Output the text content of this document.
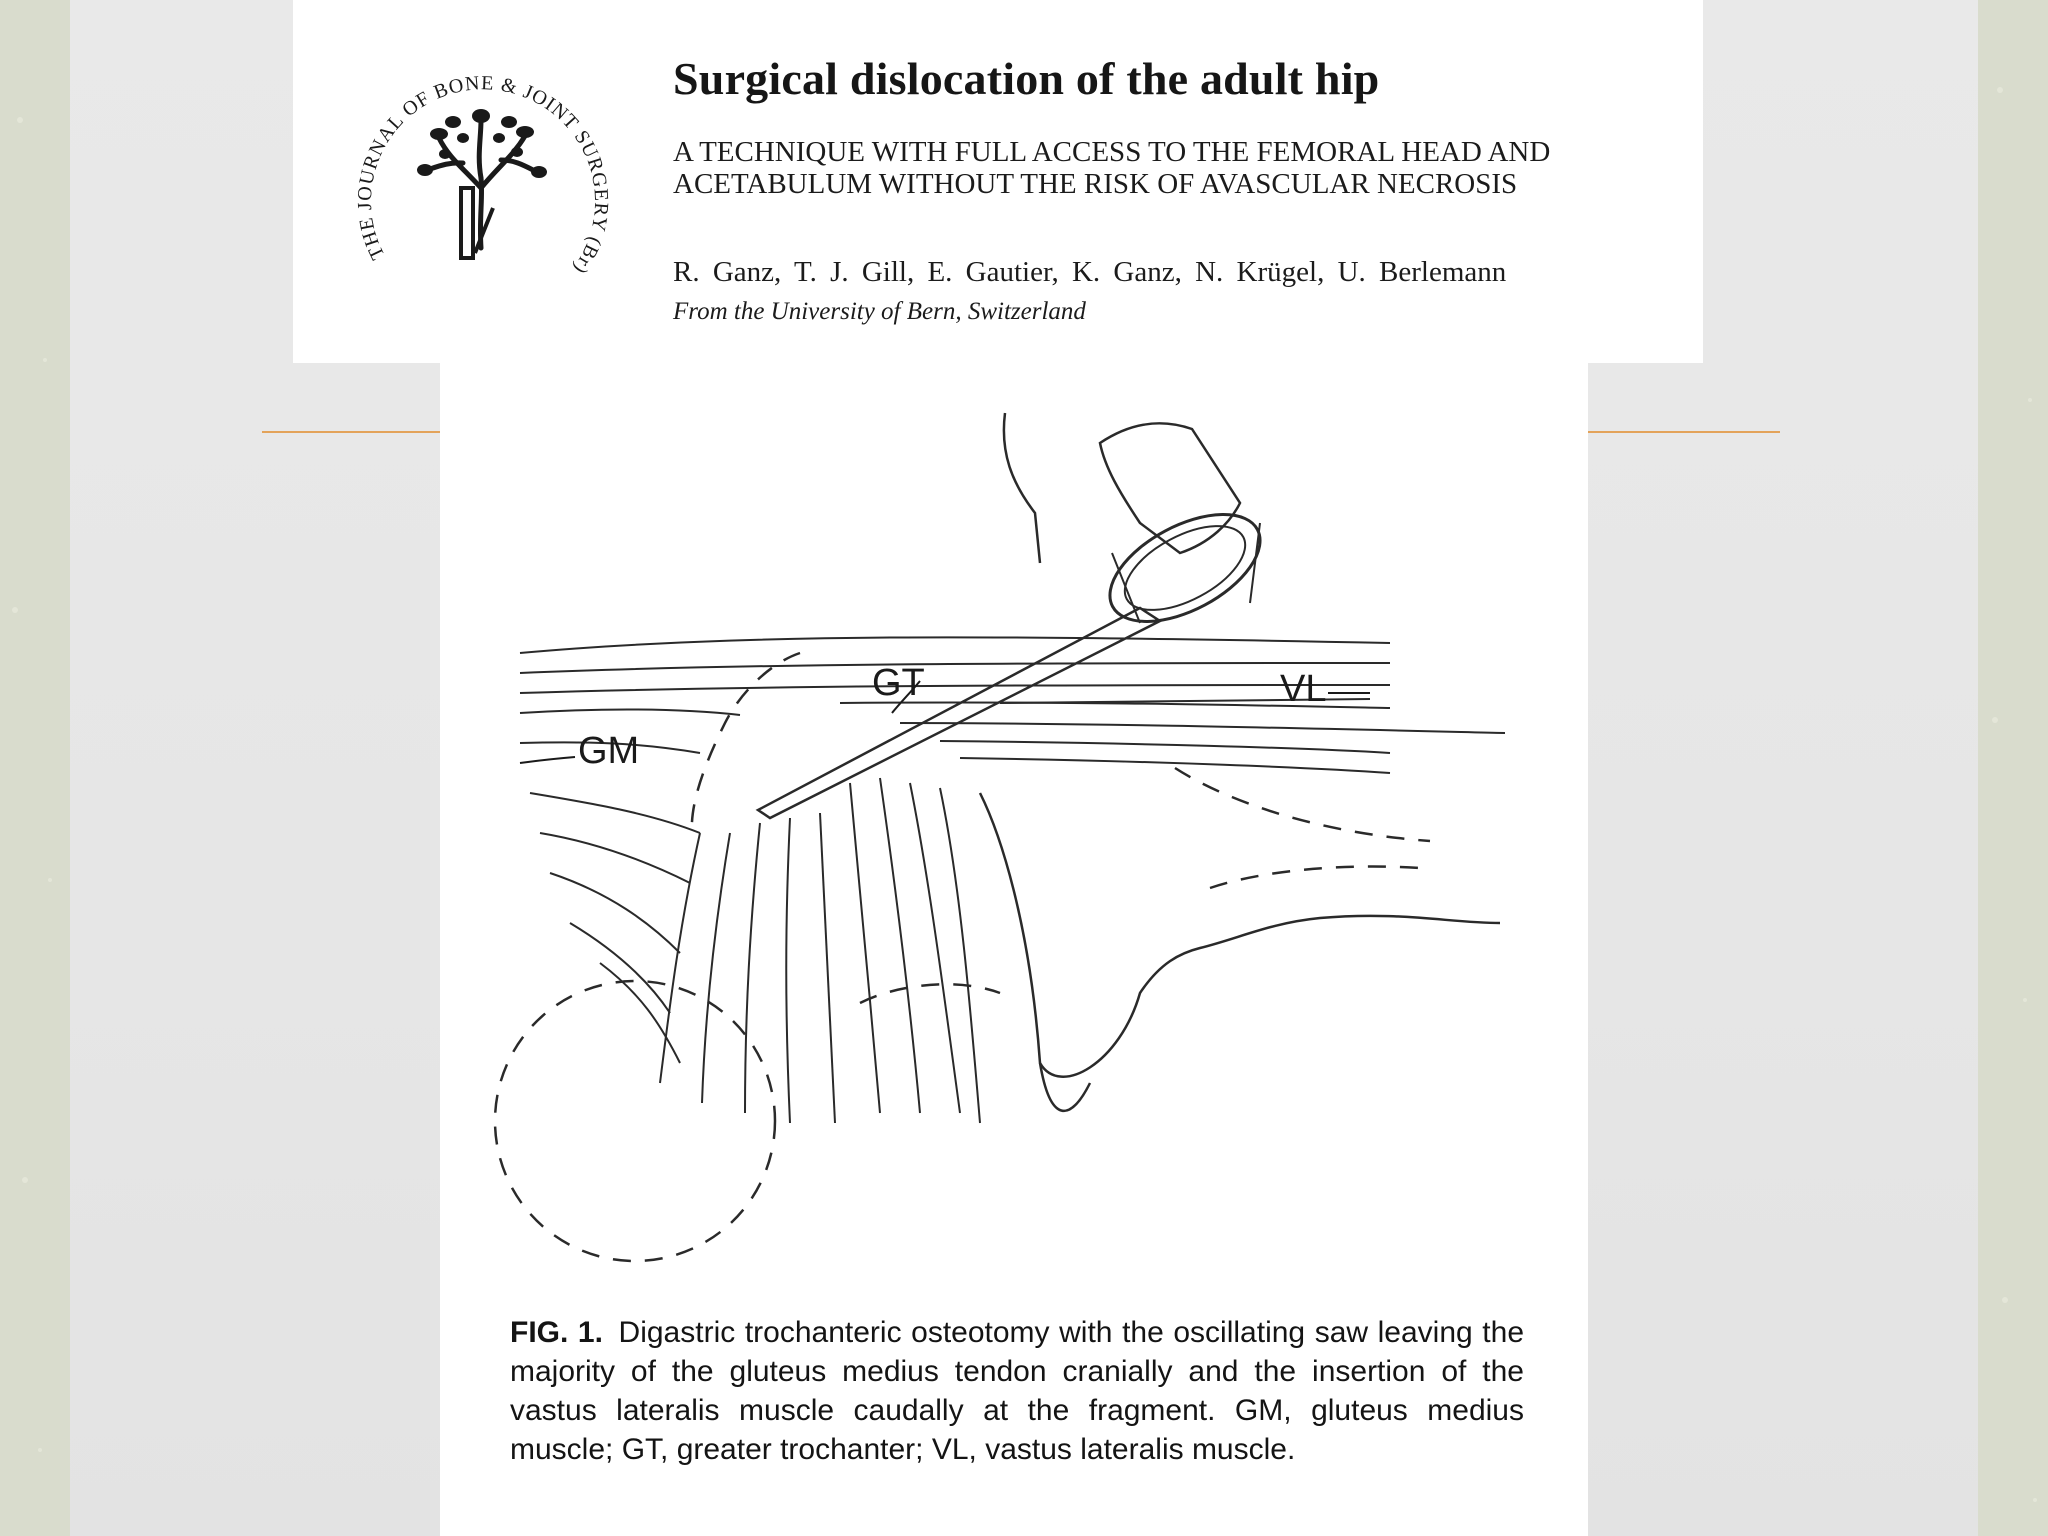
THE JOURNAL OF BONE & JOINT SURGERY (Br)
Surgical dislocation of the adult hip
A TECHNIQUE WITH FULL ACCESS TO THE FEMORAL HEAD AND ACETABULUM WITHOUT THE RISK OF AVASCULAR NECROSIS
R. Ganz, T. J. Gill, E. Gautier, K. Ganz, N. Krügel, U. Berlemann
From the University of Bern, Switzerland
GM
GT	VL
FIG. 1. Digastric trochanteric osteotomy with the oscillating saw leaving the majority of the gluteus medius tendon cranially and the insertion of the vastus lateralis muscle caudally at the fragment. GM, gluteus medius muscle; GT, greater trochanter; VL, vastus lateralis muscle.
